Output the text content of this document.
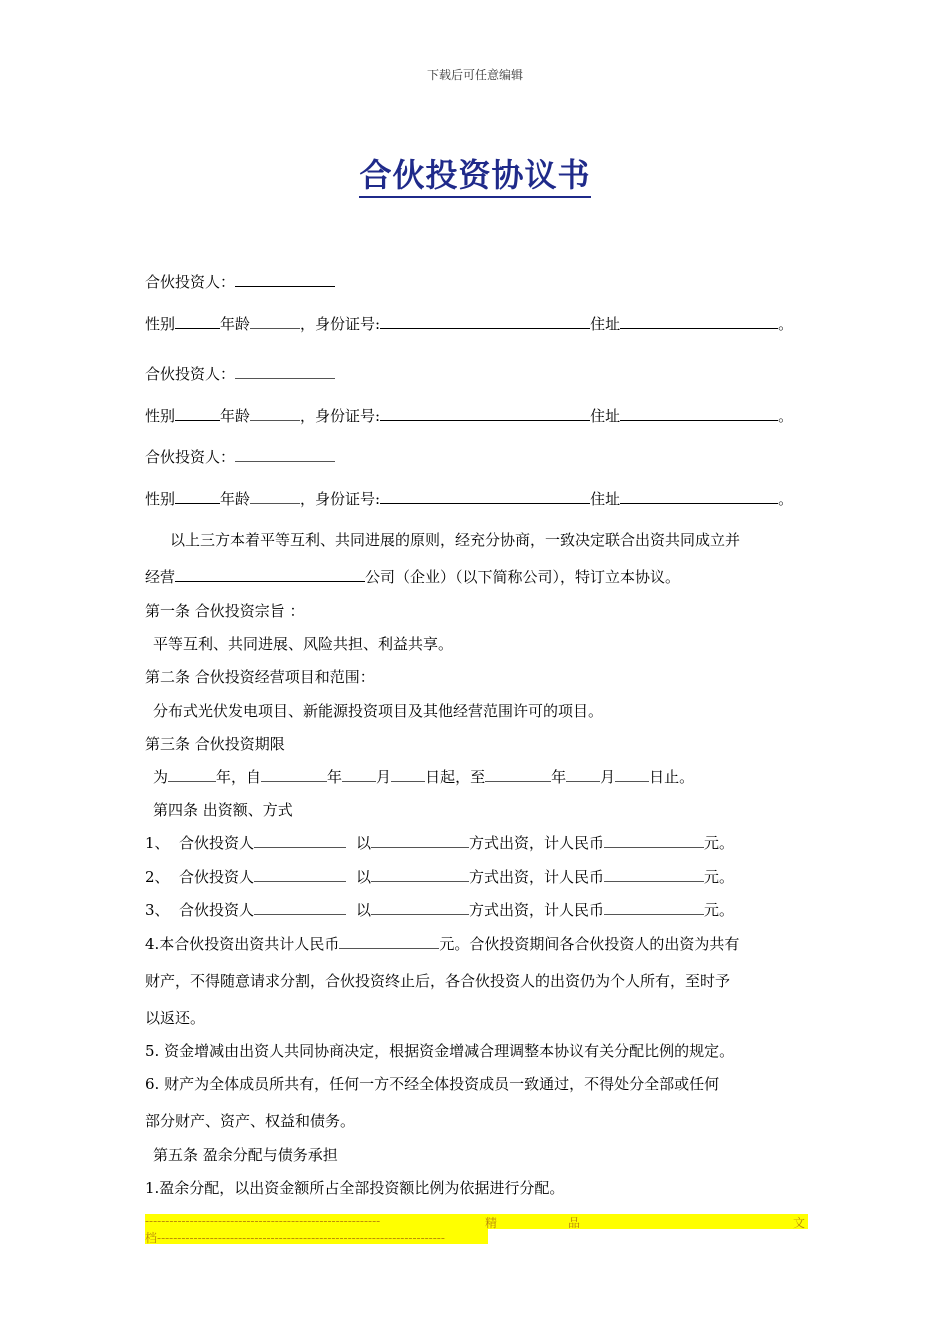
下载后可任意编辑
合伙投资协议书
合伙投资人：
性别	年龄	，身份证号:	住址	。
合伙投资人：
性别	年龄	，身份证号:	住址	。
合伙投资人：
性别	年龄	，身份证号:	住址	。
以上三方本着平等互利、共同进展的原则，经充分协商，一致决定联合出资共同成立并
经营	公司（企业）（以下简称公司），特订立本协议。
第一条 合伙投资宗旨 ：
平等互利、共同进展、风险共担、利益共享。
第二条 合伙投资经营项目和范围：
分布式光伏发电项目、新能源投资项目及其他经营范围许可的项目。
第三条 合伙投资期限
为	年，自	年 月 日起，至	年 月 日止。
第四条 出资额、方式
1、 合伙投资人	以	方式出资，计人民币	元。
2、 合伙投资人	以	方式出资，计人民币	元。
3、 合伙投资人	以	方式出资，计人民币	元。
4.本合伙投资出资共计人民币	元。合伙投资期间各合伙投资人的出资为共有
财产，不得随意请求分割，合伙投资终止后，各合伙投资人的出资仍为个人所有，至时予
以返还。
5. 资金增减由出资人共同协商决定，根据资金增减合理调整本协议有关分配比例的规定。
6. 财产为全体成员所共有，任何一方不经全体投资成员一致通过，不得处分全部或任何
部分财产、资产、权益和债务。
第五条 盈余分配与债务承担
1.盈余分配，以出资金额所占全部投资额比例为依据进行分配。
----------------------------------------------------------	精	品	文
档-----------------------------------------------------------------------
